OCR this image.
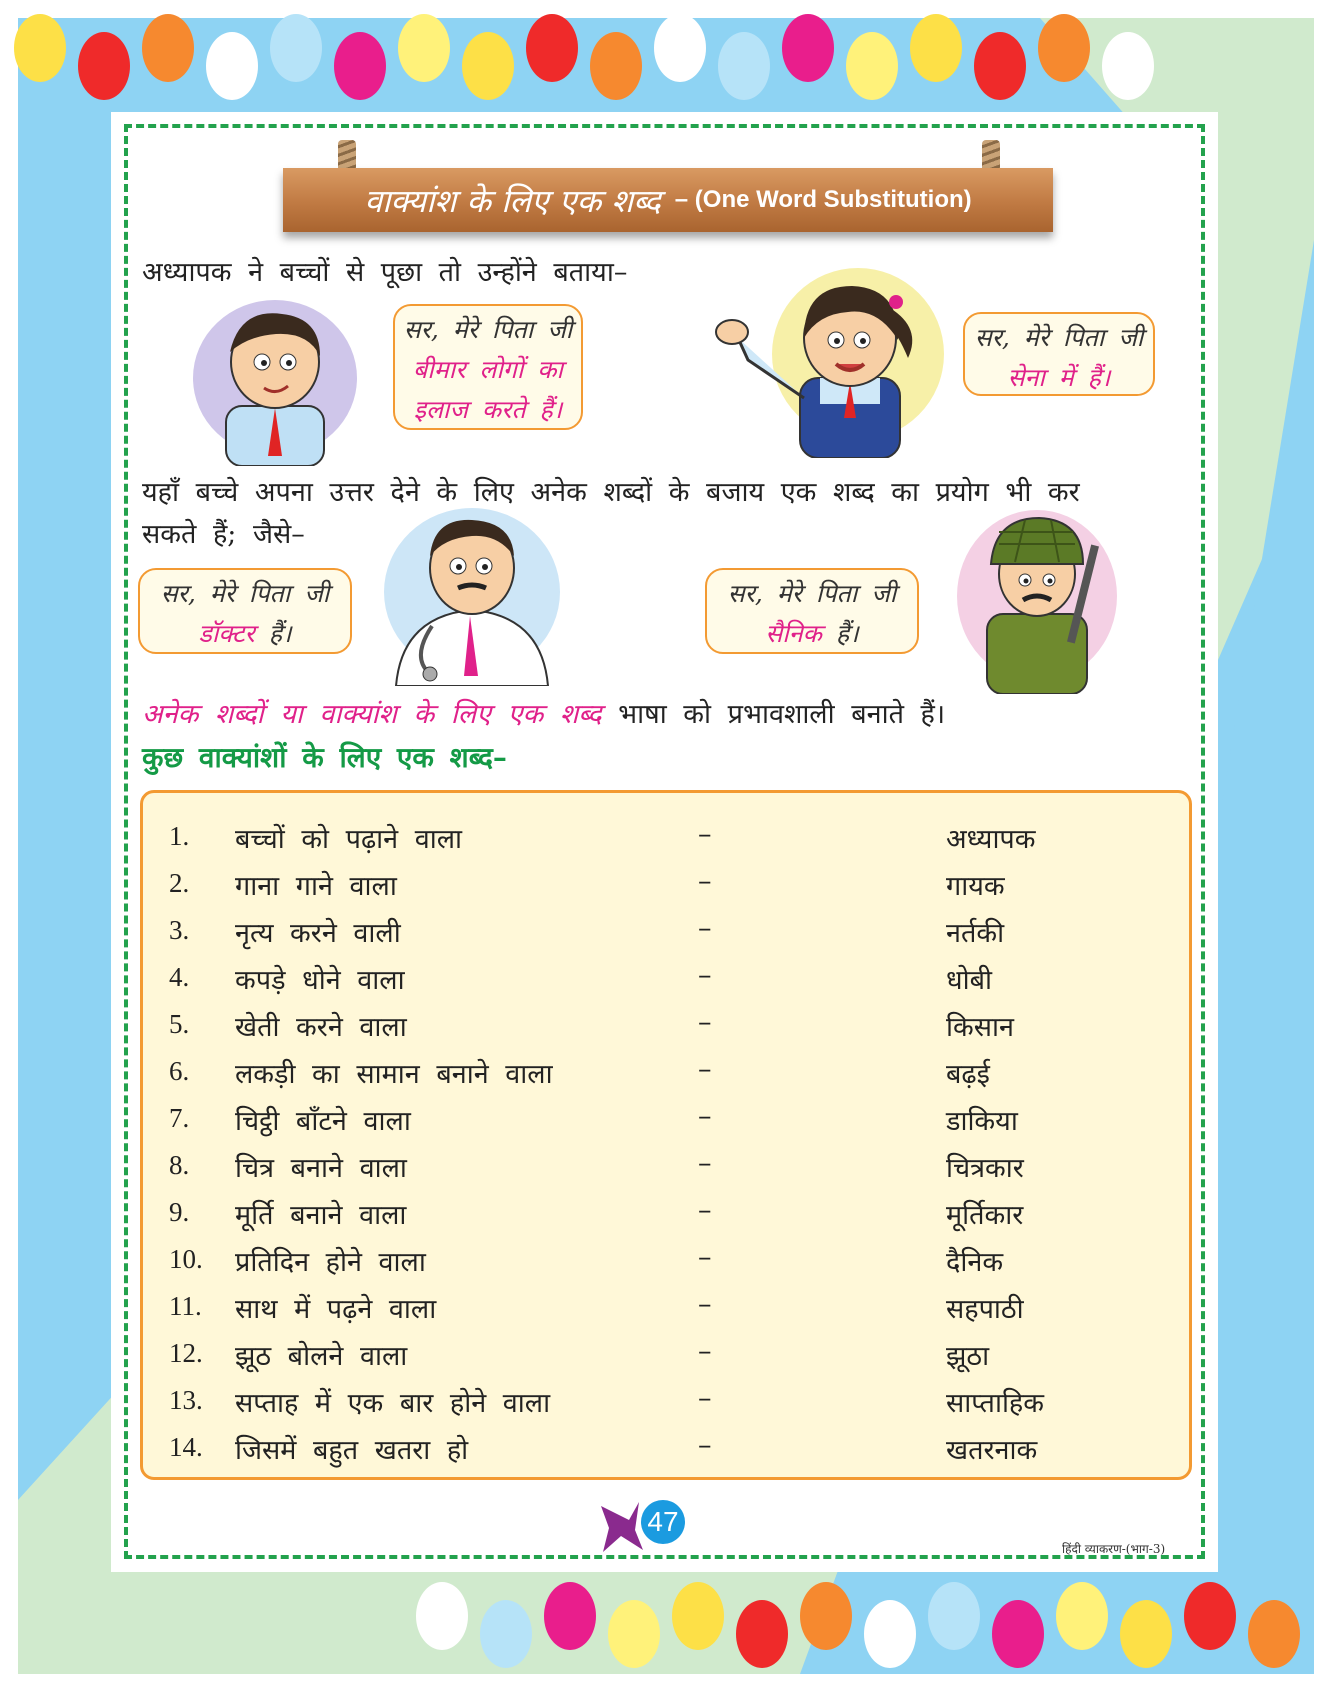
वाक्यांश के लिए एक शब्द – (One Word Substitution)
अध्यापक ने बच्चों से पूछा तो उन्होंने बताया–
सर, मेरे पिता जी
बीमार लोगों का
इलाज करते हैं।
सर, मेरे पिता जी
सेना में हैं।
यहाँ बच्चे अपना उत्तर देने के लिए अनेक शब्दों के बजाय एक शब्द का प्रयोग भी कर
सकते हैं; जैसे–
सर, मेरे पिता जी
डॉक्टर हैं।
सर, मेरे पिता जी
सैनिक हैं।
अनेक शब्दों या वाक्यांश के लिए एक शब्द भाषा को प्रभावशाली बनाते हैं।
कुछ वाक्यांशों के लिए एक शब्द–
1.	बच्चों को पढ़ाने वाला	–	अध्यापक
2.	गाना गाने वाला	–	गायक
3.	नृत्य करने वाली	–	नर्तकी
4.	कपड़े धोने वाला	–	धोबी
5.	खेती करने वाला	–	किसान
6.	लकड़ी का सामान बनाने वाला	–	बढ़ई
7.	चिट्ठी बाँटने वाला	–	डाकिया
8.	चित्र बनाने वाला	–	चित्रकार
9.	मूर्ति बनाने वाला	–	मूर्तिकार
10.	प्रतिदिन होने वाला	–	दैनिक
11.	साथ में पढ़ने वाला	–	सहपाठी
12.	झूठ बोलने वाला	–	झूठा
13.	सप्ताह में एक बार होने वाला	–	साप्ताहिक
14.	जिसमें बहुत खतरा हो	–	खतरनाक
47
हिंदी व्याकरण-(भाग-3)
